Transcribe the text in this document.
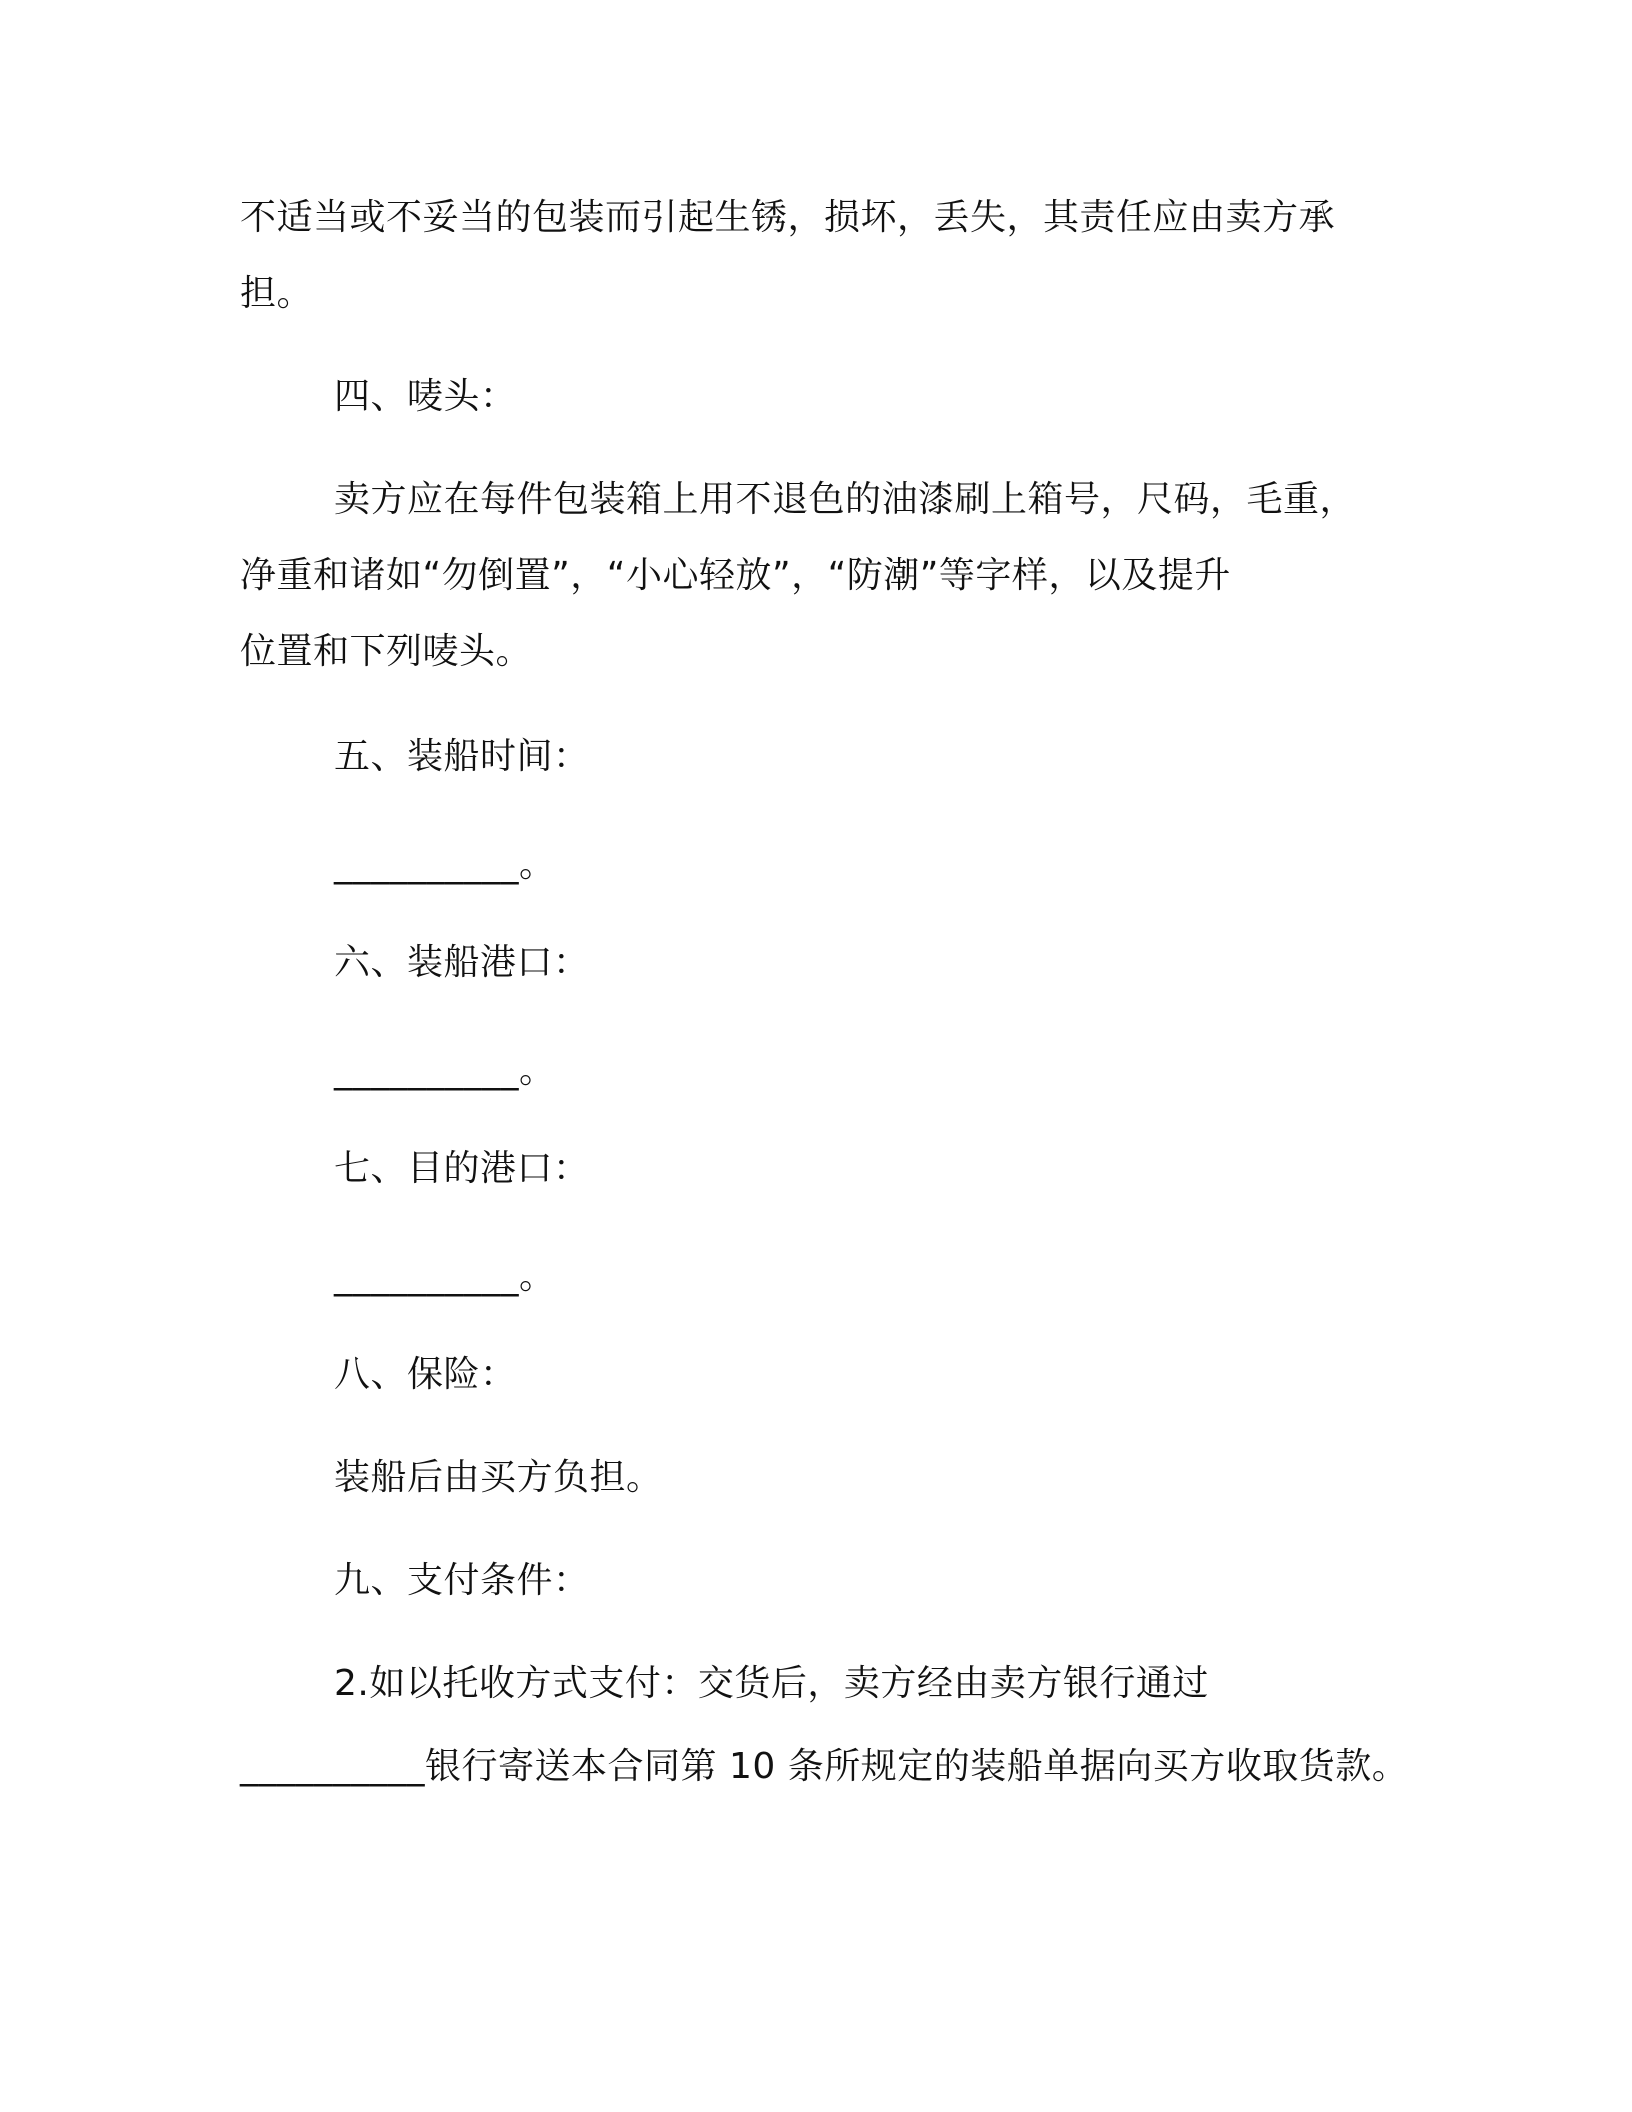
不适当或不妥当的包装而引起生锈，损坏，丢失，其责任应由卖方承
担。
四、唛头：
卖方应在每件包装箱上用不退色的油漆刷上箱号，尺码，毛重，
净重和诸如“勿倒置”，“小心轻放”，“防潮”等字样，以及提升
位置和下列唛头。
五、装船时间：
__________。
六、装船港口：
__________。
七、目的港口：
__________。
八、保险：
装船后由买方负担。
九、支付条件：
2.如以托收方式支付：交货后，卖方经由卖方银行通过
__________银行寄送本合同第 10 条所规定的装船单据向买方收取货款。
